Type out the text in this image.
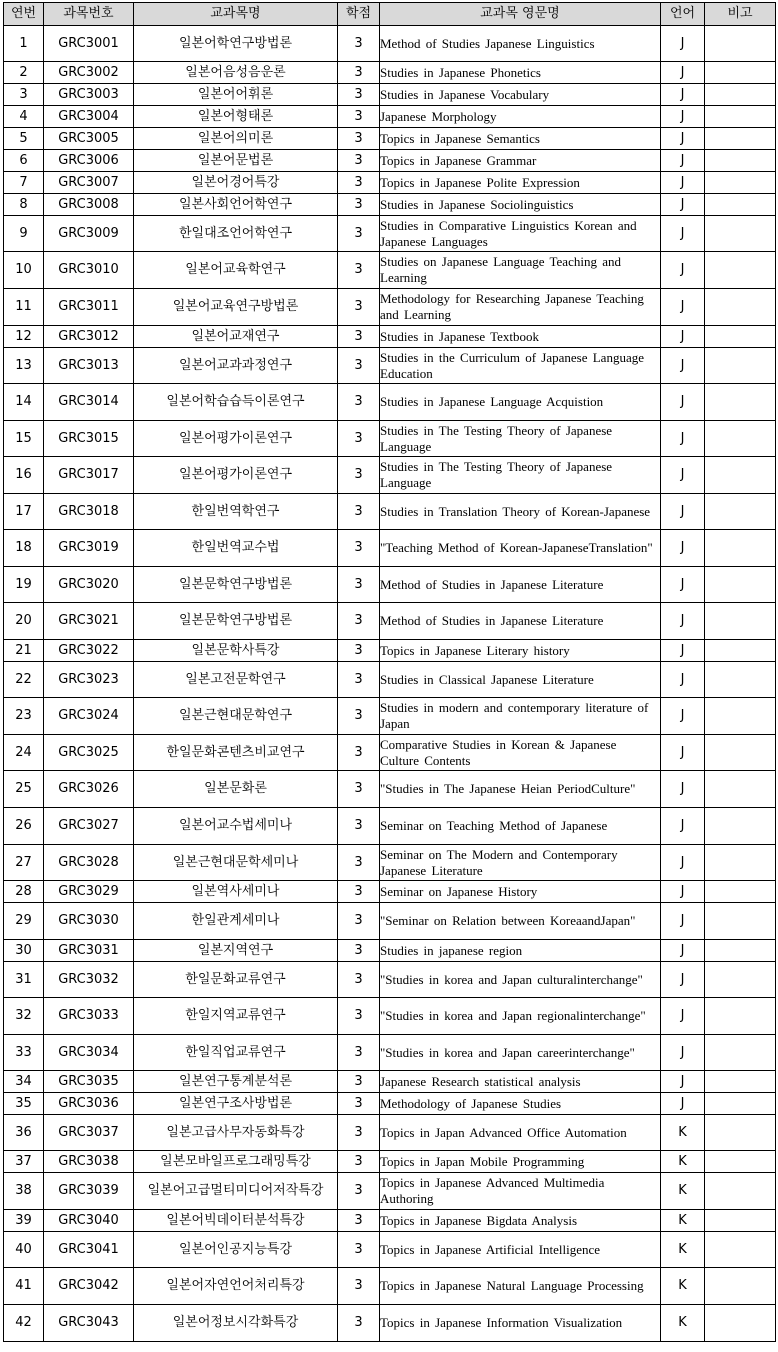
연번	과목번호	교과목명	학점	교과목 영문명	언어	비고
1	GRC3001	일본어학연구방법론	3	Method of Studies Japanese Linguistics	J	
2	GRC3002	일본어음성음운론	3	Studies in Japanese Phonetics	J	
3	GRC3003	일본어어휘론	3	Studies in Japanese Vocabulary	J	
4	GRC3004	일본어형태론	3	Japanese Morphology	J	
5	GRC3005	일본어의미론	3	Topics in Japanese Semantics	J	
6	GRC3006	일본어문법론	3	Topics in Japanese Grammar	J	
7	GRC3007	일본어경어특강	3	Topics in Japanese Polite Expression	J	
8	GRC3008	일본사회언어학연구	3	Studies in Japanese Sociolinguistics	J	
9	GRC3009	한일대조언어학연구	3	Studies in Comparative Linguistics Korean and Japanese Languages	J	
10	GRC3010	일본어교육학연구	3	Studies on Japanese Language Teaching and Learning	J	
11	GRC3011	일본어교육연구방법론	3	Methodology for Researching Japanese Teaching and Learning	J	
12	GRC3012	일본어교재연구	3	Studies in Japanese Textbook	J	
13	GRC3013	일본어교과과정연구	3	Studies in the Curriculum of Japanese Language Education	J	
14	GRC3014	일본어학습습득이론연구	3	Studies in Japanese Language Acquistion	J	
15	GRC3015	일본어평가이론연구	3	Studies in The Testing Theory of Japanese Language	J	
16	GRC3017	일본어평가이론연구	3	Studies in The Testing Theory of Japanese Language	J	
17	GRC3018	한일번역학연구	3	Studies in Translation Theory of Korean-Japanese	J	
18	GRC3019	한일번역교수법	3	"Teaching Method of Korean-JapaneseTranslation"	J	
19	GRC3020	일본문학연구방법론	3	Method of Studies in Japanese Literature	J	
20	GRC3021	일본문학연구방법론	3	Method of Studies in Japanese Literature	J	
21	GRC3022	일본문학사특강	3	Topics in Japanese Literary history	J	
22	GRC3023	일본고전문학연구	3	Studies in Classical Japanese Literature	J	
23	GRC3024	일본근현대문학연구	3	Studies in modern and contemporary literature of Japan	J	
24	GRC3025	한일문화콘텐츠비교연구	3	Comparative Studies in Korean & Japanese Culture Contents	J	
25	GRC3026	일본문화론	3	"Studies in The Japanese Heian PeriodCulture"	J	
26	GRC3027	일본어교수법세미나	3	Seminar on Teaching Method of Japanese	J	
27	GRC3028	일본근현대문학세미나	3	Seminar on The Modern and Contemporary Japanese Literature	J	
28	GRC3029	일본역사세미나	3	Seminar on Japanese History	J	
29	GRC3030	한일관계세미나	3	"Seminar on Relation between KoreaandJapan"	J	
30	GRC3031	일본지역연구	3	Studies in japanese region	J	
31	GRC3032	한일문화교류연구	3	"Studies in korea and Japan culturalinterchange"	J	
32	GRC3033	한일지역교류연구	3	"Studies in korea and Japan regionalinterchange"	J	
33	GRC3034	한일직업교류연구	3	"Studies in korea and Japan careerinterchange"	J	
34	GRC3035	일본연구통계분석론	3	Japanese Research statistical analysis	J	
35	GRC3036	일본연구조사방법론	3	Methodology of Japanese Studies	J	
36	GRC3037	일본고급사무자동화특강	3	Topics in Japan Advanced Office Automation	K	
37	GRC3038	일본모바일프로그래밍특강	3	Topics in Japan Mobile Programming	K	
38	GRC3039	일본어고급멀티미디어저작특강	3	Topics in Japanese Advanced Multimedia Authoring	K	
39	GRC3040	일본어빅데이터분석특강	3	Topics in Japanese Bigdata Analysis	K	
40	GRC3041	일본어인공지능특강	3	Topics in Japanese Artificial Intelligence	K	
41	GRC3042	일본어자연언어처리특강	3	Topics in Japanese Natural Language Processing	K	
42	GRC3043	일본어정보시각화특강	3	Topics in Japanese Information Visualization	K	
